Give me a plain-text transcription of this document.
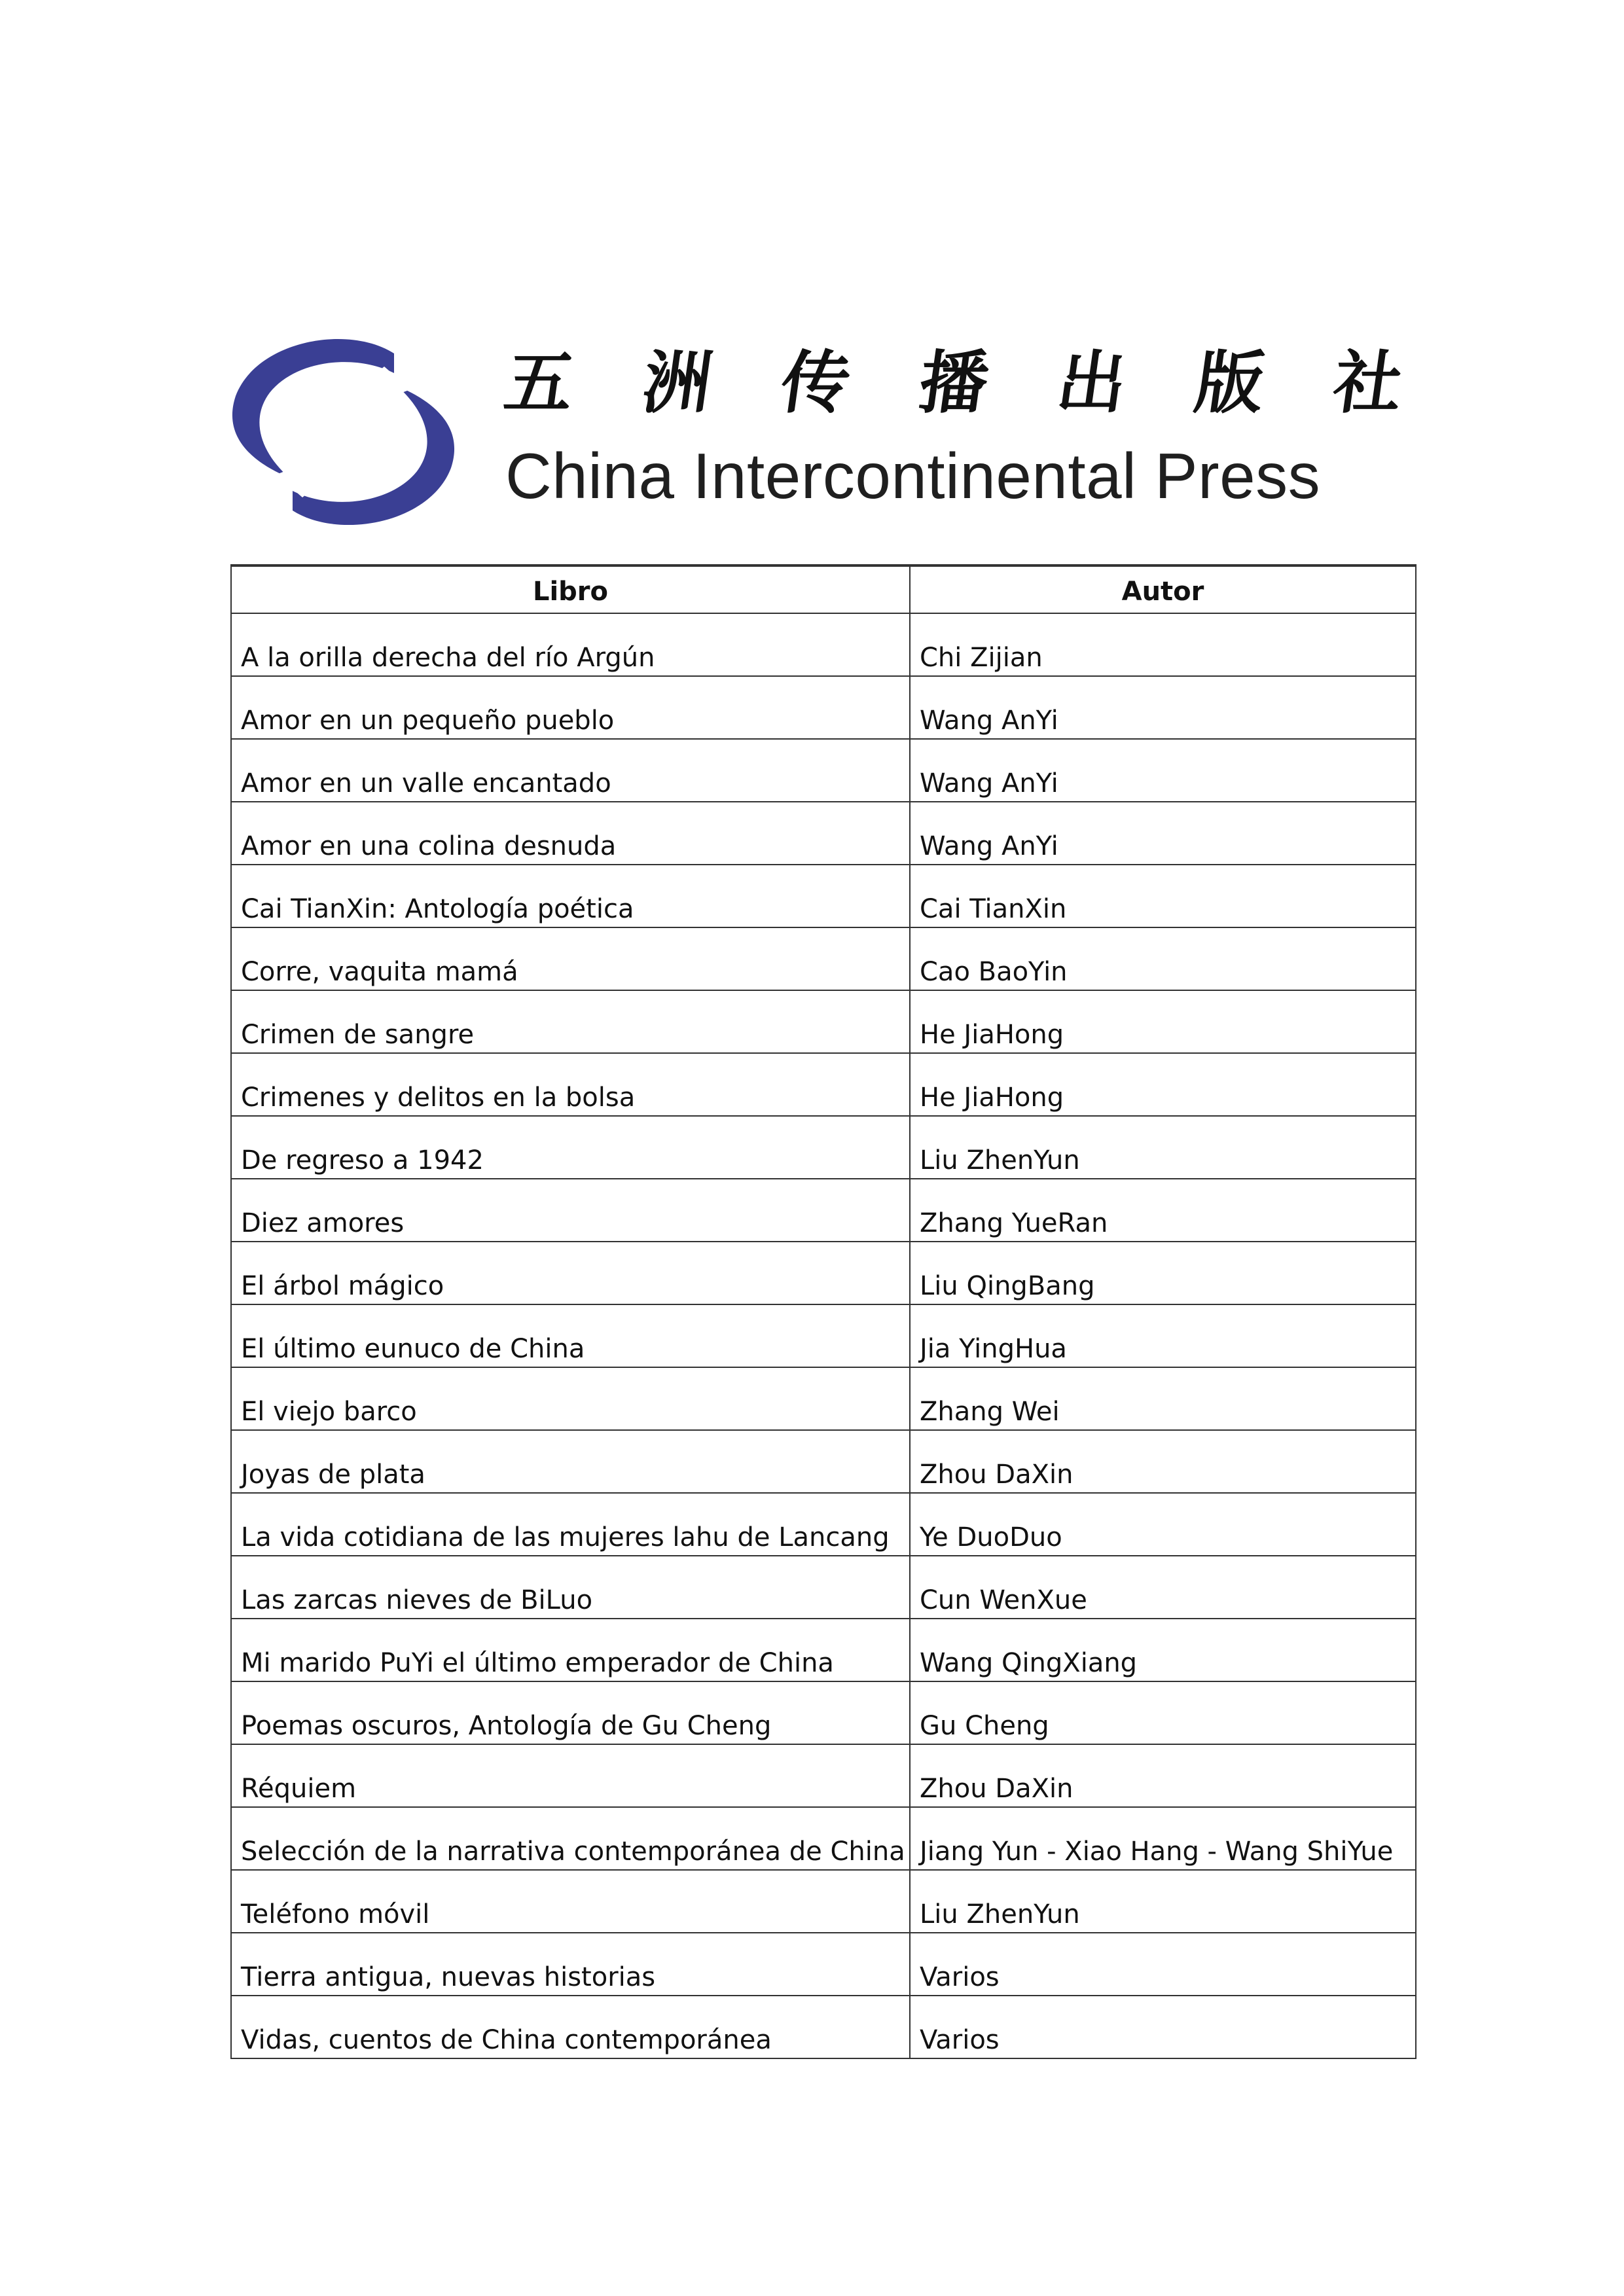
五 洲 传 播 出 版 社
China Intercontinental Press
Libro	Autor
A la orilla derecha del río Argún	Chi Zijian
Amor en un pequeño pueblo	Wang AnYi
Amor en un valle encantado	Wang AnYi
Amor en una colina desnuda	Wang AnYi
Cai TianXin: Antología poética	Cai TianXin
Corre, vaquita mamá	Cao BaoYin
Crimen de sangre	He JiaHong
Crimenes y delitos en la bolsa	He JiaHong
De regreso a 1942	Liu ZhenYun
Diez amores	Zhang YueRan
El árbol mágico	Liu QingBang
El último eunuco de China	Jia YingHua
El viejo barco	Zhang Wei
Joyas de plata	Zhou DaXin
La vida cotidiana de las mujeres lahu de Lancang	Ye DuoDuo
Las zarcas nieves de BiLuo	Cun WenXue
Mi marido PuYi el último emperador de China	Wang QingXiang
Poemas oscuros, Antología de Gu Cheng	Gu Cheng
Réquiem	Zhou DaXin
Selección de la narrativa contemporánea de China	Jiang Yun - Xiao Hang - Wang ShiYue
Teléfono móvil	Liu ZhenYun
Tierra antigua, nuevas historias	Varios
Vidas, cuentos de China contemporánea	Varios
